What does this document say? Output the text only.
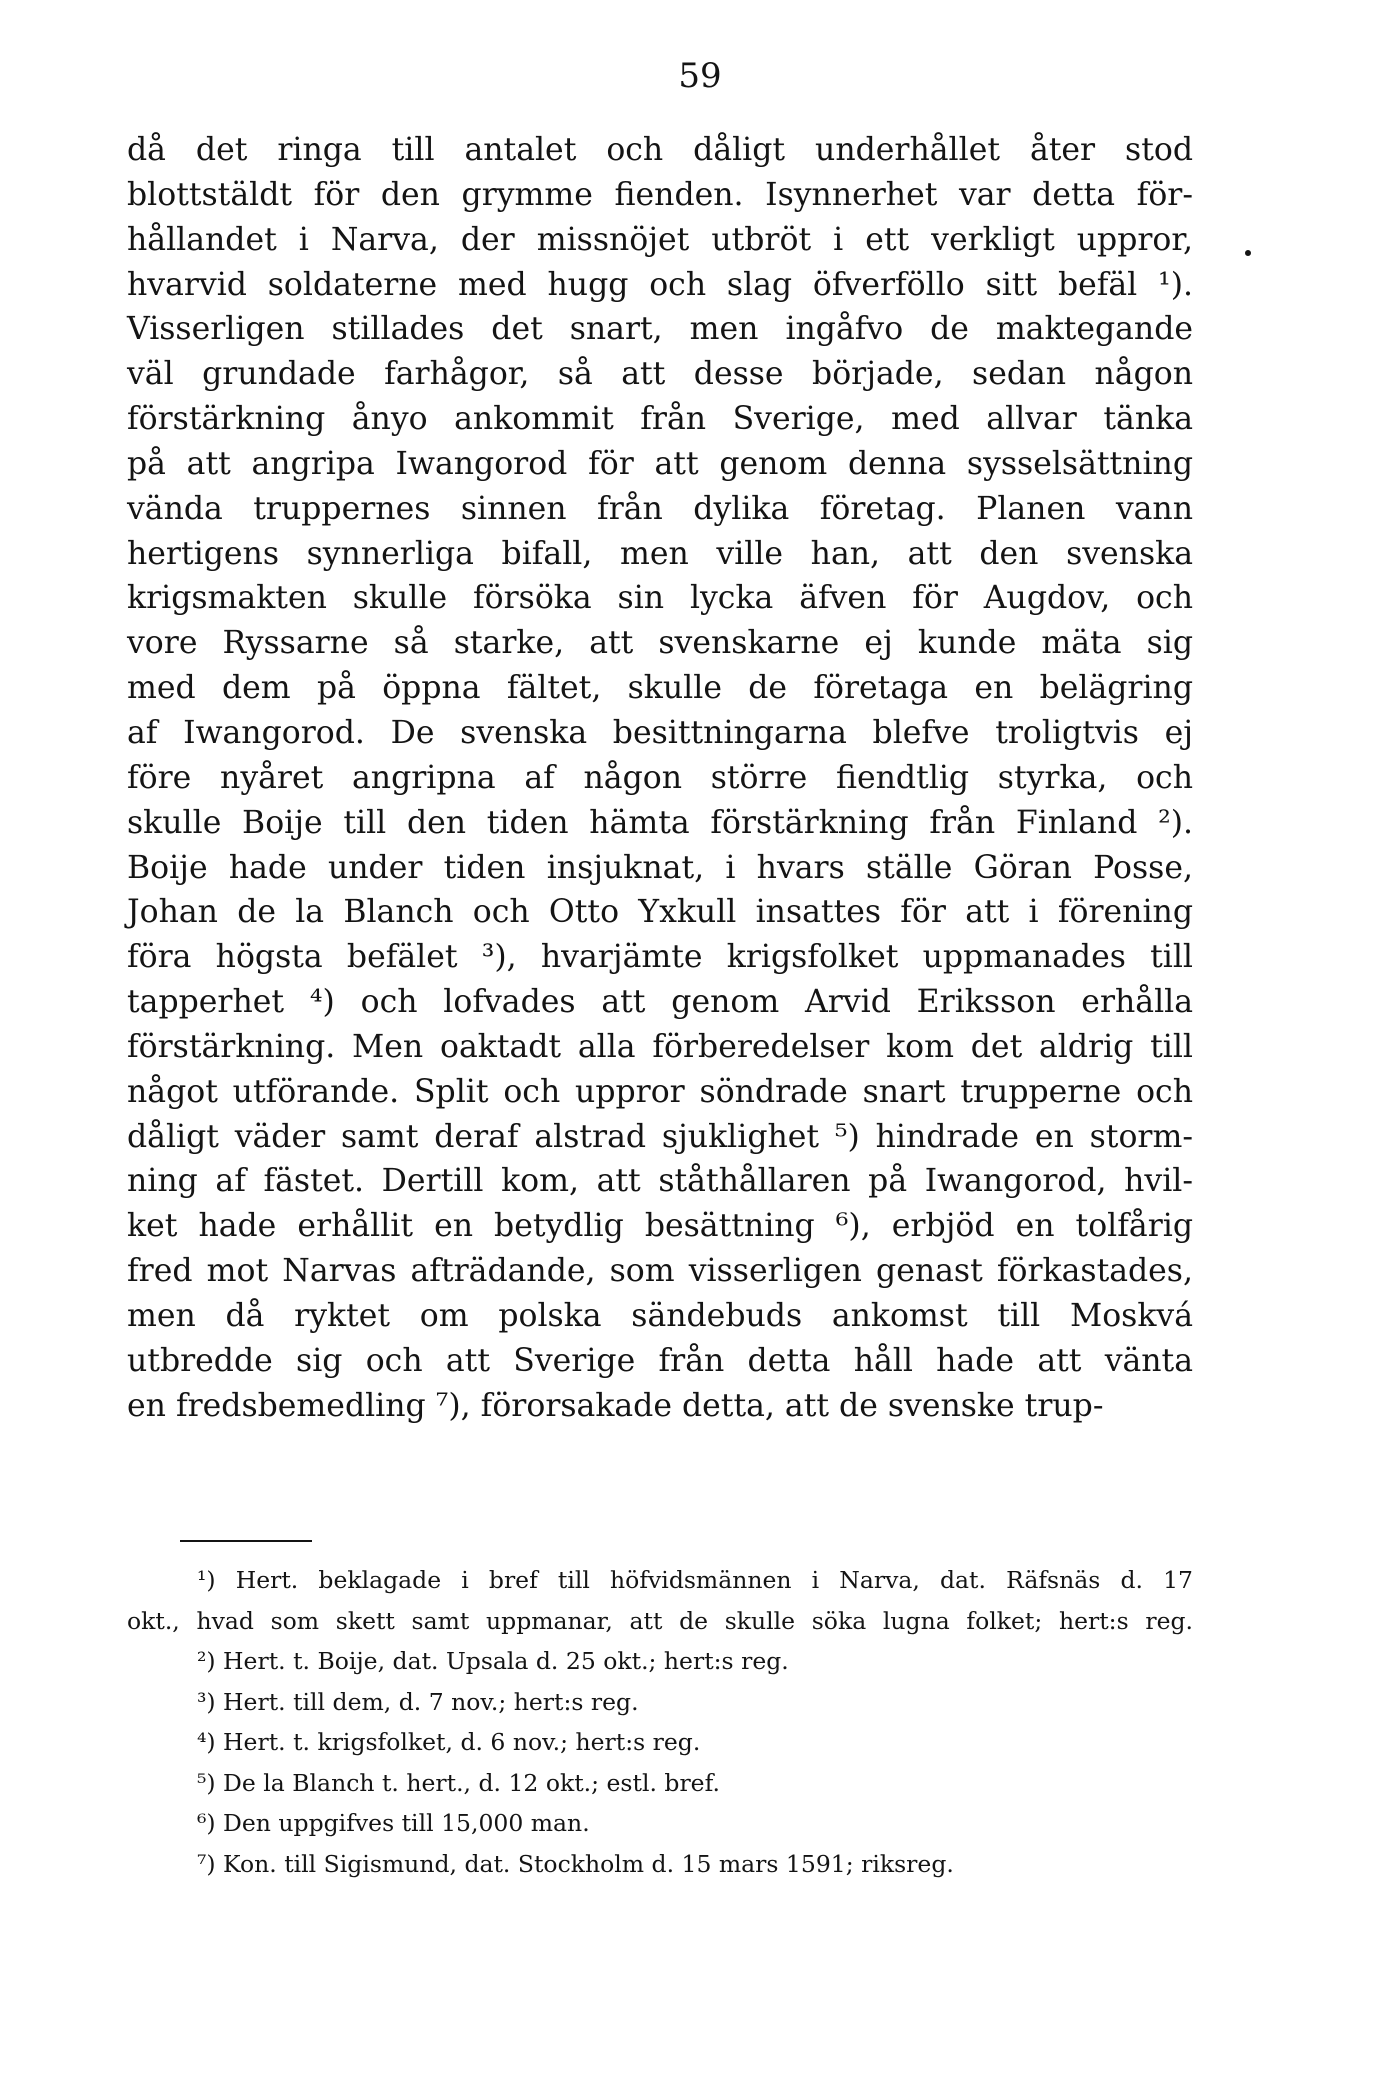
59
då det ringa till antalet och dåligt underhållet åter stod
blottstäldt för den grymme fienden. Isynnerhet var detta för-
hållandet i Narva, der missnöjet utbröt i ett verkligt uppror,
hvarvid soldaterne med hugg och slag öfverföllo sitt befäl ¹).
Visserligen stillades det snart, men ingåfvo de maktegande
väl grundade farhågor, så att desse började, sedan någon
förstärkning ånyo ankommit från Sverige, med allvar tänka
på att angripa Iwangorod för att genom denna sysselsättning
vända truppernes sinnen från dylika företag. Planen vann
hertigens synnerliga bifall, men ville han, att den svenska
krigsmakten skulle försöka sin lycka äfven för Augdov, och
vore Ryssarne så starke, att svenskarne ej kunde mäta sig
med dem på öppna fältet, skulle de företaga en belägring
af Iwangorod. De svenska besittningarna blefve troligtvis ej
före nyåret angripna af någon större fiendtlig styrka, och
skulle Boije till den tiden hämta förstärkning från Finland ²).
Boije hade under tiden insjuknat, i hvars ställe Göran Posse,
Johan de la Blanch och Otto Yxkull insattes för att i förening
föra högsta befälet ³), hvarjämte krigsfolket uppmanades till
tapperhet ⁴) och lofvades att genom Arvid Eriksson erhålla
förstärkning. Men oaktadt alla förberedelser kom det aldrig till
något utförande. Split och uppror söndrade snart trupperne och
dåligt väder samt deraf alstrad sjuklighet ⁵) hindrade en storm-
ning af fästet. Dertill kom, att ståthållaren på Iwangorod, hvil-
ket hade erhållit en betydlig besättning ⁶), erbjöd en tolfårig
fred mot Narvas afträdande, som visserligen genast förkastades,
men då ryktet om polska sändebuds ankomst till Moskvá
utbredde sig och att Sverige från detta håll hade att vänta
en fredsbemedling ⁷), förorsakade detta, att de svenske trup-
¹) Hert. beklagade i bref till höfvidsmännen i Narva, dat. Räfsnäs d. 17
okt., hvad som skett samt uppmanar, att de skulle söka lugna folket; hert:s reg.
²) Hert. t. Boije, dat. Upsala d. 25 okt.; hert:s reg.
³) Hert. till dem, d. 7 nov.; hert:s reg.
⁴) Hert. t. krigsfolket, d. 6 nov.; hert:s reg.
⁵) De la Blanch t. hert., d. 12 okt.; estl. bref.
⁶) Den uppgifves till 15,000 man.
⁷) Kon. till Sigismund, dat. Stockholm d. 15 mars 1591; riksreg.
